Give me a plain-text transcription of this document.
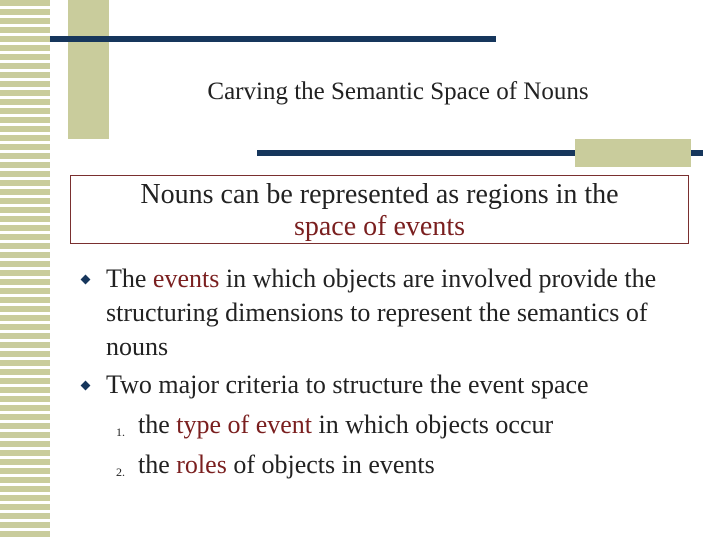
Carving the Semantic Space of Nouns
Nouns can be represented as regions in the
space of events

The events in which objects are involved provide the structuring dimensions to represent the semantics of nouns

Two major criteria to structure the event space
1. the type of event in which objects occur
2. the roles of objects in events
